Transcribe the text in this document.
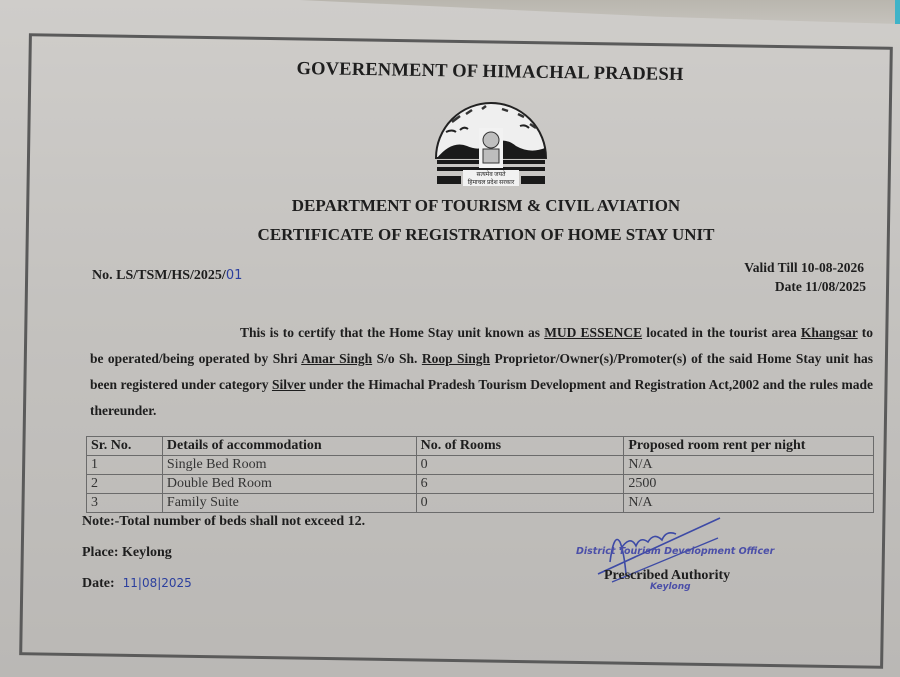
GOVERENMENT OF HIMACHAL PRADESH
सत्यमेव जयते
हिमाचल प्रदेश सरकार
DEPARTMENT OF TOURISM & CIVIL AVIATION
CERTIFICATE OF REGISTRATION OF HOME STAY UNIT
No. LS/TSM/HS/2025/01
Valid Till 10-08-2026
Date 11/08/2025
This is to certify that the Home Stay unit known as MUD ESSENCE located in the tourist area Khangsar to be operated/being operated by Shri Amar Singh S/o Sh. Roop Singh Proprietor/Owner(s)/Promoter(s) of the said Home Stay unit has been registered under category Silver under the Himachal Pradesh Tourism Development and Registration Act,2002 and the rules made thereunder.
Sr. No.	Details of accommodation	No. of Rooms	Proposed room rent per night
1	Single Bed Room	0	N/A
2	Double Bed Room	6	2500
3	Family Suite	0	N/A
Note:-Total number of beds shall not exceed 12.
Place: Keylong
Date: 11|08|2025
District Tourism Development Officer
Prescribed Authority
Keylong
